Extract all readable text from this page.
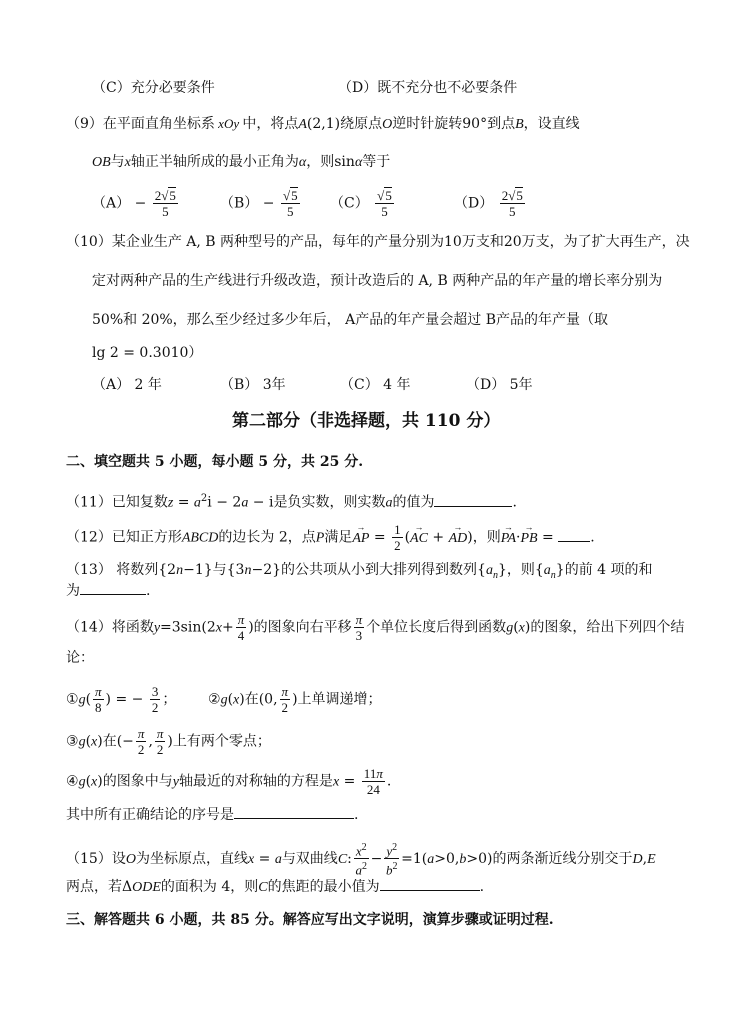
（C）充分必要条件	（D）既不充分也不必要条件
（9）在平面直角坐标系 xOy 中，将点A(2,1)绕原点O逆时针旋转90°到点B，设直线
OB与x轴正半轴所成的最小正角为α，则sinα等于
$(A) - \frac{2√5}{5}$	$(B) - \frac{√5}{5} (C) \frac{√5}{5}$	$(D) \frac{2√5}{5}$
（10）某企业生产 A, B 两种型号的产品，每年的产量分别为10万支和20万支，为了扩大再生产，决
定对两种产品的生产线进行升级改造，预计改造后的 A, B 两种产品的年产量的增长率分别为
50%和 20%，那么至少经过多少年后， A产品的年产量会超过 B产品的年产量（取
lg 2 = 0.3010）
（A） 2 年	（B） 3年	（C） 4 年	（D） 5年
第二部分（非选择题，共 110 分）
二、填空题共 5 小题，每小题 5 分，共 25 分.
（11）已知复数$z = a^2i - 2a - i$是负实数，则实数a的值为	.
（12）已知正方形ABCD的边长为 2，点P满足→ AP = $\frac{1}{2}$ (→ AC + → AD)，则→ PA·→ PB = .
（13） 将数列{2n−1}与{3n−2}的公共项从小到大排列得到数列$\{a_n\}$，则$\{a_n\}$的前 4 项的和
为	.
（14）将函数$y=3\sin(2x+ \frac{\pi}{4}$ )的图象向右平移 $\frac{\pi}{3}$ 个单位长度后得到函数g(x)的图象，给出下列四个结
论：
①g( $\frac{\pi}{8}$ ) = − $\frac{3}{2}$ ； ②g(x)在(0, $\frac{\pi}{2}$ )上单调递增；
③g(x)在(− $\frac{\pi}{2}$ , $\frac{\pi}{2}$ )上有两个零点；
④g(x)的图象中与y轴最近的对称轴的方程是$x = \frac{11\pi}{24}$ .
其中所有正确结论的序号是	.
（15）设O为坐标原点，直线x = a与双曲线C: $\frac{x^2}{a^2} - \frac{y^2}{b^2} =1(a>0,b>0)$的两条渐近线分别交于D,E
两点，若ΔODE的面积为 4，则C的焦距的最小值为	.
三、解答题共 6 小题，共 85 分。解答应写出文字说明，演算步骤或证明过程.
